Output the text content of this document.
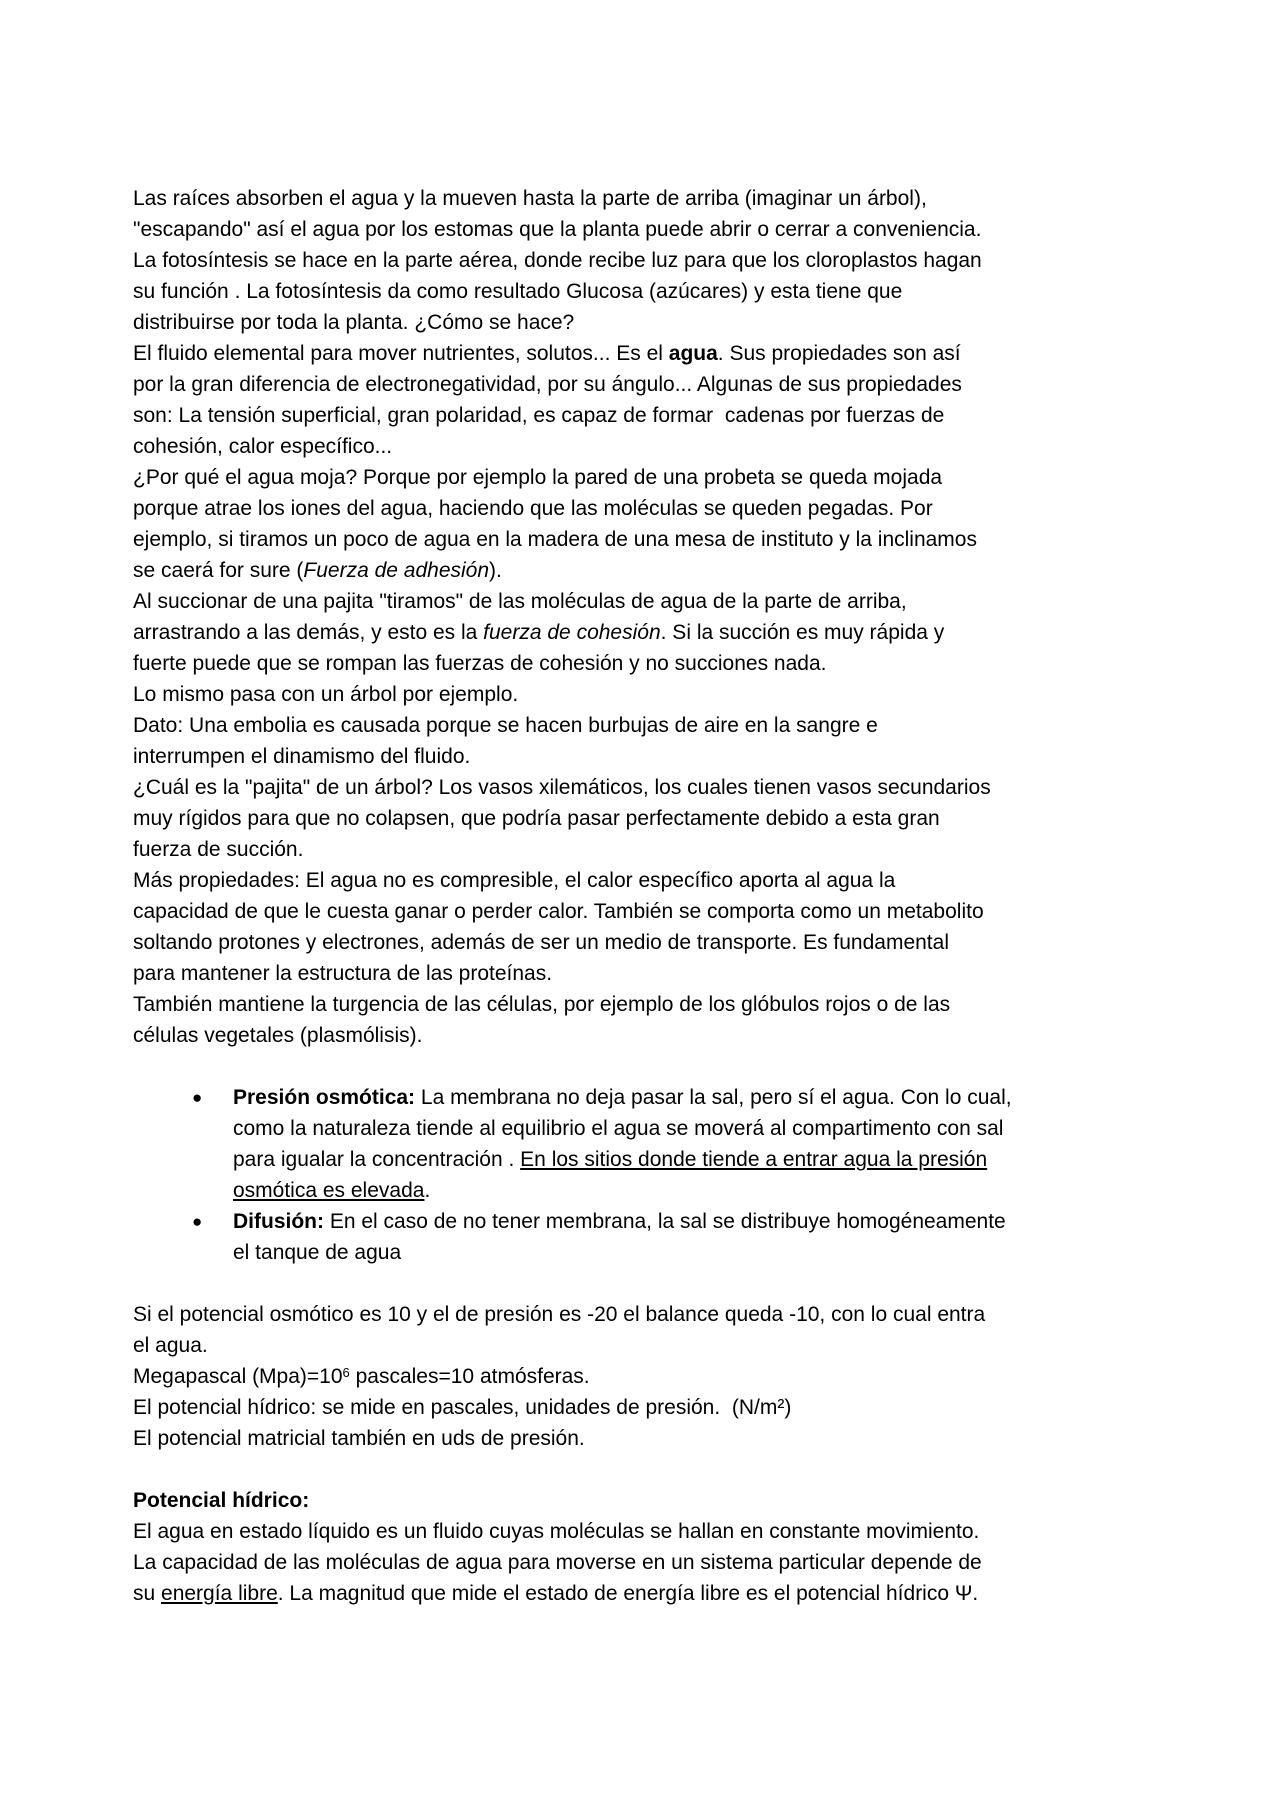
Las raíces absorben el agua y la mueven hasta la parte de arriba (imaginar un árbol),
"escapando" así el agua por los estomas que la planta puede abrir o cerrar a conveniencia.
La fotosíntesis se hace en la parte aérea, donde recibe luz para que los cloroplastos hagan
su función . La fotosíntesis da como resultado Glucosa (azúcares) y esta tiene que
distribuirse por toda la planta. ¿Cómo se hace?
El fluido elemental para mover nutrientes, solutos... Es el agua. Sus propiedades son así
por la gran diferencia de electronegatividad, por su ángulo... Algunas de sus propiedades
son: La tensión superficial, gran polaridad, es capaz de formar  cadenas por fuerzas de
cohesión, calor específico...
¿Por qué el agua moja? Porque por ejemplo la pared de una probeta se queda mojada
porque atrae los iones del agua, haciendo que las moléculas se queden pegadas. Por
ejemplo, si tiramos un poco de agua en la madera de una mesa de instituto y la inclinamos
se caerá for sure (Fuerza de adhesión).
Al succionar de una pajita "tiramos" de las moléculas de agua de la parte de arriba,
arrastrando a las demás, y esto es la fuerza de cohesión. Si la succión es muy rápida y
fuerte puede que se rompan las fuerzas de cohesión y no succiones nada.
Lo mismo pasa con un árbol por ejemplo.
Dato: Una embolia es causada porque se hacen burbujas de aire en la sangre e
interrumpen el dinamismo del fluido.
¿Cuál es la "pajita" de un árbol? Los vasos xilemáticos, los cuales tienen vasos secundarios
muy rígidos para que no colapsen, que podría pasar perfectamente debido a esta gran
fuerza de succión.
Más propiedades: El agua no es compresible, el calor específico aporta al agua la
capacidad de que le cuesta ganar o perder calor. También se comporta como un metabolito
soltando protones y electrones, además de ser un medio de transporte. Es fundamental
para mantener la estructura de las proteínas.
También mantiene la turgencia de las células, por ejemplo de los glóbulos rojos o de las
células vegetales (plasmólisis).
● Presión osmótica: La membrana no deja pasar la sal, pero sí el agua. Con lo cual,
como la naturaleza tiende al equilibrio el agua se moverá al compartimento con sal
para igualar la concentración . En los sitios donde tiende a entrar agua la presión
osmótica es elevada.
● Difusión: En el caso de no tener membrana, la sal se distribuye homogéneamente
el tanque de agua
Si el potencial osmótico es 10 y el de presión es -20 el balance queda -10, con lo cual entra
el agua.
Megapascal $(Mpa)=10^6$ pascales=10 atmósferas.
El potencial hídrico: se mide en pascales, unidades de presión.  (N/m²)
El potencial matricial también en uds de presión.
Potencial hídrico:
El agua en estado líquido es un fluido cuyas moléculas se hallan en constante movimiento.
La capacidad de las moléculas de agua para moverse en un sistema particular depende de
su energía libre. La magnitud que mide el estado de energía libre es el potencial hídrico Ψ.
